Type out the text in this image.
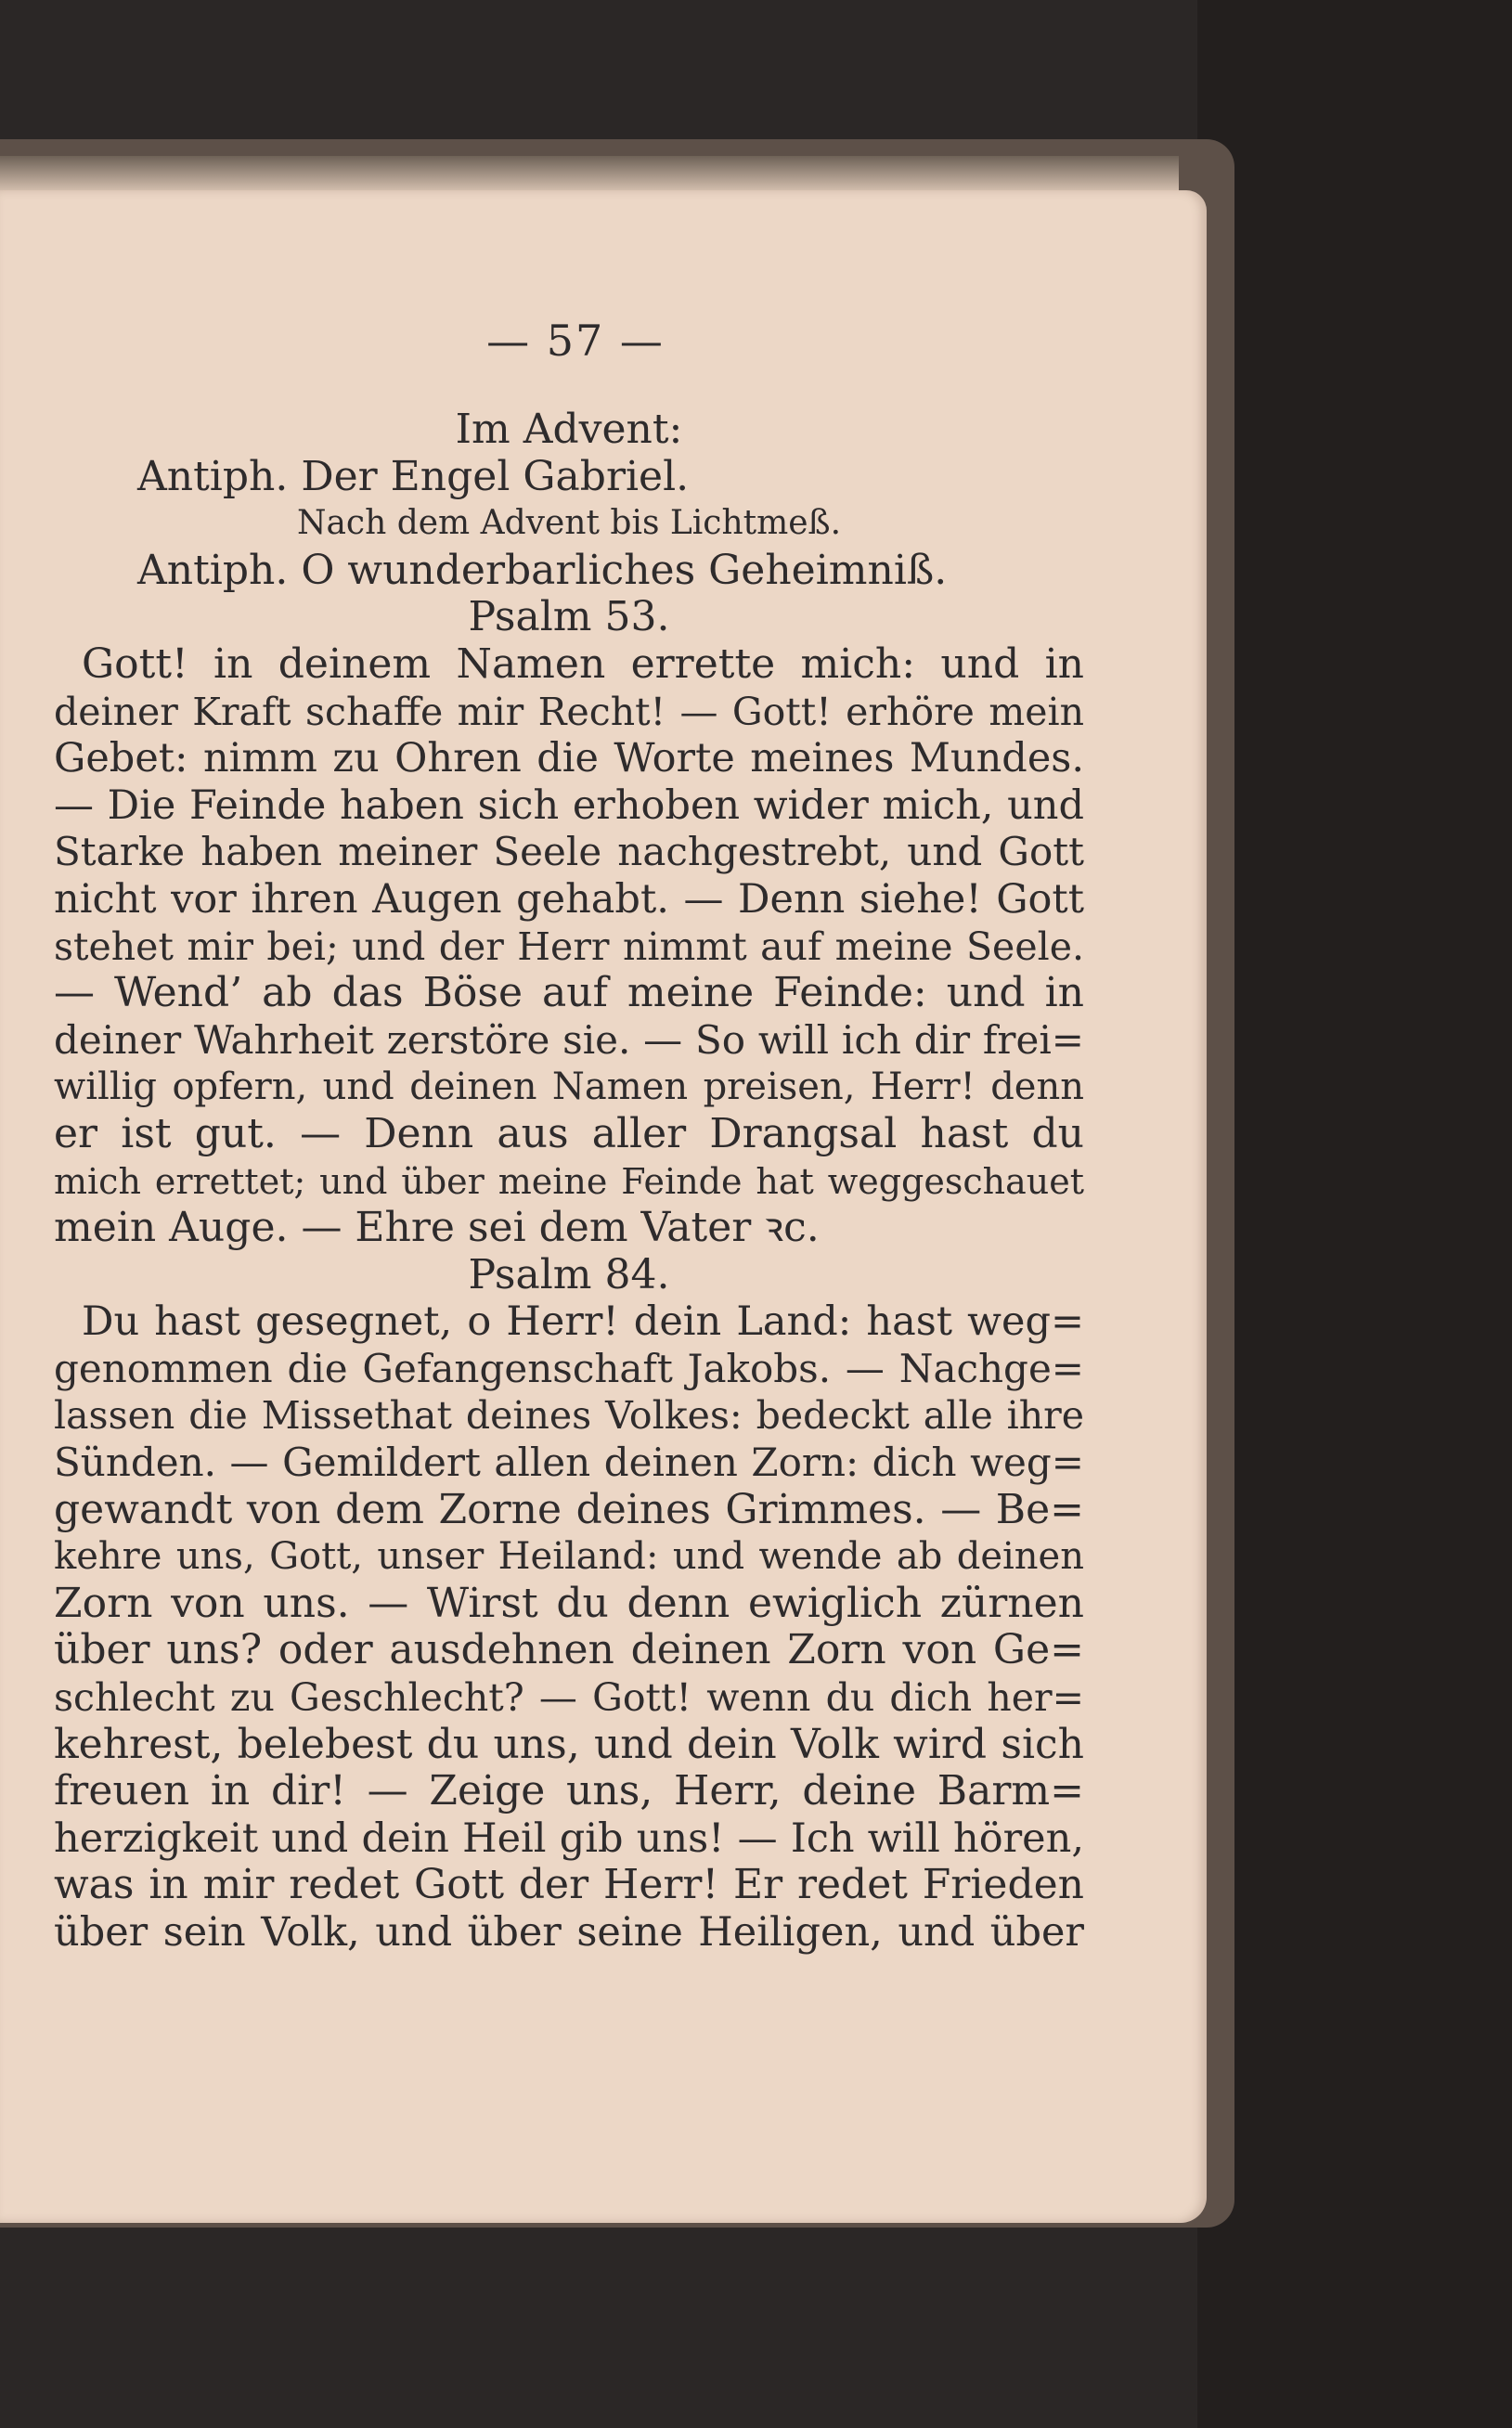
— 57 —

Im Advent:

Antiph. Der Engel Gabriel.

Nach dem Advent bis Lichtmeß.

Antiph. O wunderbarliches Geheimniß.

Psalm 53.

Gott! in deinem Namen errette mich: und in

deiner Kraft schaffe mir Recht! — Gott! erhöre mein

Gebet: nimm zu Ohren die Worte meines Mundes.

— Die Feinde haben sich erhoben wider mich, und

Starke haben meiner Seele nachgestrebt, und Gott

nicht vor ihren Augen gehabt. — Denn siehe! Gott

stehet mir bei; und der Herr nimmt auf meine Seele.

— Wend’ ab das Böse auf meine Feinde: und in

deiner Wahrheit zerstöre sie. — So will ich dir frei=

willig opfern, und deinen Namen preisen, Herr! denn

er ist gut. — Denn aus aller Drangsal hast du

mich errettet; und über meine Feinde hat weggeschauet

mein Auge. — Ehre sei dem Vater ꝛc.

Psalm 84.

Du hast gesegnet, o Herr! dein Land: hast weg=

genommen die Gefangenschaft Jakobs. — Nachge=

lassen die Missethat deines Volkes: bedeckt alle ihre

Sünden. — Gemildert allen deinen Zorn: dich weg=

gewandt von dem Zorne deines Grimmes. — Be=

kehre uns, Gott, unser Heiland: und wende ab deinen

Zorn von uns. — Wirst du denn ewiglich zürnen

über uns? oder ausdehnen deinen Zorn von Ge=

schlecht zu Geschlecht? — Gott! wenn du dich her=

kehrest, belebest du uns, und dein Volk wird sich

freuen in dir! — Zeige uns, Herr, deine Barm=

herzigkeit und dein Heil gib uns! — Ich will hören,

was in mir redet Gott der Herr! Er redet Frieden

über sein Volk, und über seine Heiligen, und über
